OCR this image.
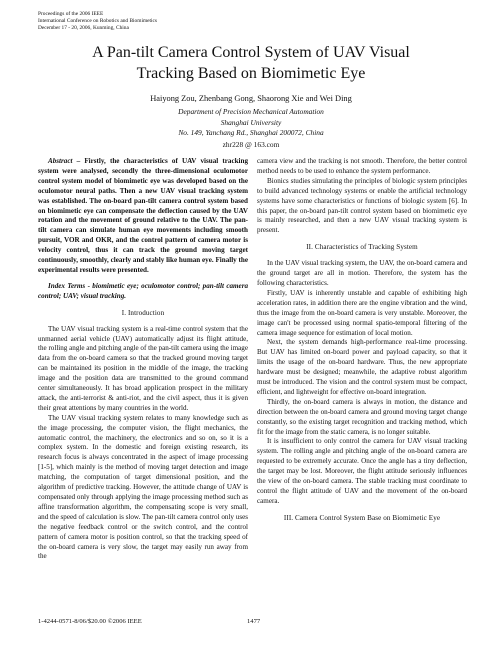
Proceedings of the 2006 IEEE
International Conference on Robotics and Biomimetics
December 17 - 20, 2006, Kunming, China
A Pan-tilt Camera Control System of UAV Visual
Tracking Based on Biomimetic Eye
Haiyong Zou, Zhenbang Gong, Shaorong Xie and Wei Ding
Department of Precision Mechanical Automation
Shanghai University
No. 149, Yanchang Rd., Shanghai 200072, China
zhr228 @ 163.com

Abstract – Firstly, the characteristics of UAV visual tracking system were analysed, secondly the three-dimensional oculomotor control system model of biomimetic eye was developed based on the oculomotor neural paths. Then a new UAV visual tracking system was established. The on-board pan-tilt camera control system based on biomimetic eye can compensate the deflection caused by the UAV rotation and the movement of ground relative to the UAV. The pan-tilt camera can simulate human eye movements including smooth pursuit, VOR and OKR, and the control pattern of camera motor is velocity control, thus it can track the ground moving target continuously, smoothly, clearly and stably like human eye. Finally the experimental results were presented.

Index Terms - biomimetic eye; oculomotor control; pan-tilt camera control; UAV; visual tracking.

I. Introduction

The UAV visual tracking system is a real-time control system that the unmanned aerial vehicle (UAV) automatically adjust its flight attitude, the rolling angle and pitching angle of the pan-tilt camera using the image data from the on-board camera so that the tracked ground moving target can be maintained its position in the middle of the image, the tracking image and the position data are transmitted to the ground command center simultaneously. It has broad application prospect in the military attack, the anti-terrorist & anti-riot, and the civil aspect, thus it is given their great attentions by many countries in the world.

The UAV visual tracking system relates to many knowledge such as the image processing, the computer vision, the flight mechanics, the automatic control, the machinery, the electronics and so on, so it is a complex system. In the domestic and foreign existing research, its research focus is always concentrated in the aspect of image processing [1-5], which mainly is the method of moving target detection and image matching, the computation of target dimensional position, and the algorithm of predictive tracking. However, the attitude change of UAV is compensated only through applying the image processing method such as affine transformation algorithm, the compensating scope is very small, and the speed of calculation is slow. The pan-tilt camera control only uses the negative feedback control or the switch control, and the control pattern of camera motor is position control, so that the tracking speed of the on-board camera is very slow, the target may easily run away from the

camera view and the tracking is not smooth. Therefore, the better control method needs to be used to enhance the system performance.

Bionics studies simulating the principles of biologic system principles to build advanced technology systems or enable the artificial technology systems have some characteristics or functions of biologic system [6]. In this paper, the on-board pan-tilt control system based on biomimetic eye is mainly researched, and then a new UAV visual tracking system is present.

II. Characteristics of Tracking System

In the UAV visual tracking system, the UAV, the on-board camera and the ground target are all in motion. Therefore, the system has the following characteristics.

Firstly, UAV is inherently unstable and capable of exhibiting high acceleration rates, in addition there are the engine vibration and the wind, thus the image from the on-board camera is very unstable. Moreover, the image can't be processed using normal spatio-temporal filtering of the camera image sequence for estimation of local motion.

Next, the system demands high-performance real-time processing. But UAV has limited on-board power and payload capacity, so that it limits the usage of the on-board hardware. Thus, the new appropriate hardware must be designed; meanwhile, the adaptive robust algorithm must be introduced. The vision and the control system must be compact, efficient, and lightweight for effective on-board integration.

Thirdly, the on-board camera is always in motion, the distance and direction between the on-board camera and ground moving target change constantly, so the existing target recognition and tracking method, which fit for the image from the static camera, is no longer suitable.

It is insufficient to only control the camera for UAV visual tracking system. The rolling angle and pitching angle of the on-board camera are requested to be extremely accurate. Once the angle has a tiny deflection, the target may be lost. Moreover, the flight attitude seriously influences the view of the on-board camera. The stable tracking must coordinate to control the flight attitude of UAV and the movement of the on-board camera.

III. Camera Control System Base on Biomimetic Eye
1-4244-0571-8/06/$20.00 ©2006 IEEE	1477
